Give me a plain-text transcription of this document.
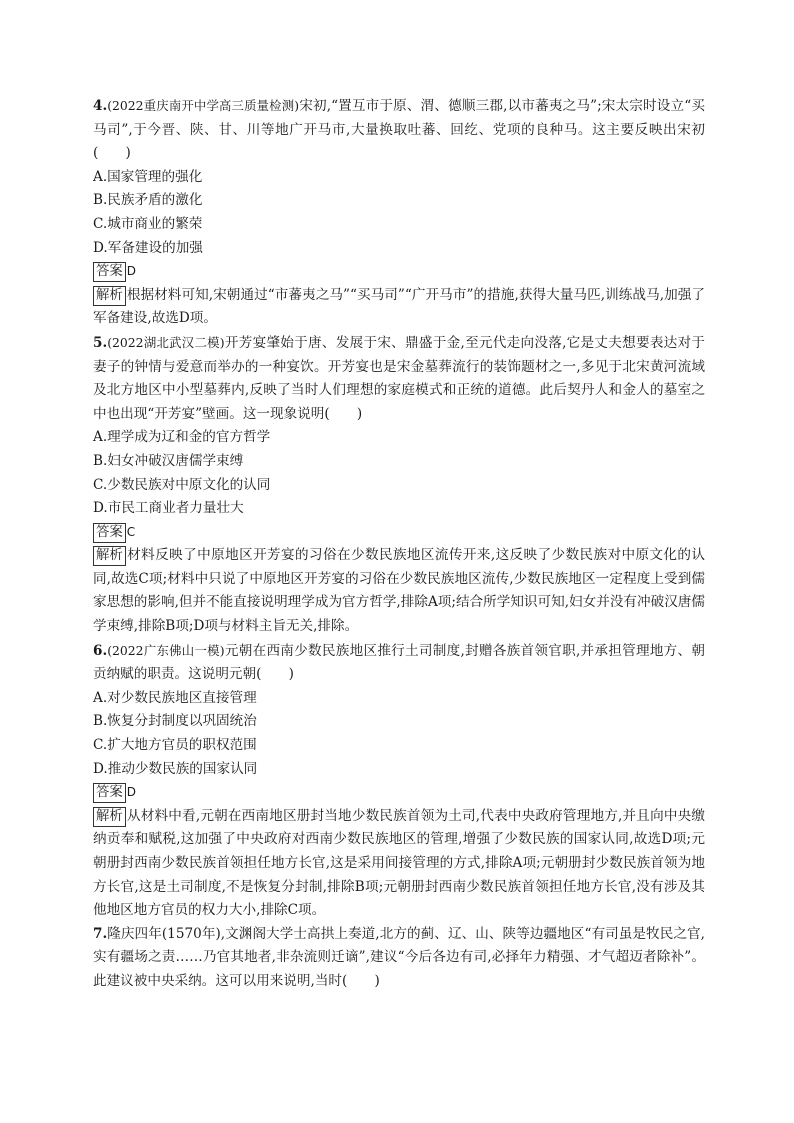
4.(2022重庆南开中学高三质量检测)宋初,“置互市于原、渭、德顺三郡,以市蕃夷之马”;宋太宗时设立“买马司”,于今晋、陕、甘、川等地广开马市,大量换取吐蕃、回纥、党项的良种马。这主要反映出宋初(　　)

A.国家管理的强化

B.民族矛盾的激化

C.城市商业的繁荣

D.军备建设的加强

答案 D

解析 根据材料可知,宋朝通过“市蕃夷之马”“买马司”“广开马市”的措施,获得大量马匹,训练战马,加强了军备建设,故选D项。

5.(2022湖北武汉二模)开芳宴肇始于唐、发展于宋、鼎盛于金,至元代走向没落,它是丈夫想要表达对于妻子的钟情与爱意而举办的一种宴饮。开芳宴也是宋金墓葬流行的装饰题材之一,多见于北宋黄河流域及北方地区中小型墓葬内,反映了当时人们理想的家庭模式和正统的道德。此后契丹人和金人的墓室之中也出现“开芳宴”壁画。这一现象说明(　　)

A.理学成为辽和金的官方哲学

B.妇女冲破汉唐儒学束缚

C.少数民族对中原文化的认同

D.市民工商业者力量壮大

答案 C

解析 材料反映了中原地区开芳宴的习俗在少数民族地区流传开来,这反映了少数民族对中原文化的认同,故选C项;材料中只说了中原地区开芳宴的习俗在少数民族地区流传,少数民族地区一定程度上受到儒家思想的影响,但并不能直接说明理学成为官方哲学,排除A项;结合所学知识可知,妇女并没有冲破汉唐儒学束缚,排除B项;D项与材料主旨无关,排除。

6.(2022广东佛山一模)元朝在西南少数民族地区推行土司制度,封赠各族首领官职,并承担管理地方、朝贡纳赋的职责。这说明元朝(　　)

A.对少数民族地区直接管理

B.恢复分封制度以巩固统治

C.扩大地方官员的职权范围

D.推动少数民族的国家认同

答案 D

解析 从材料中看,元朝在西南地区册封当地少数民族首领为土司,代表中央政府管理地方,并且向中央缴纳贡奉和赋税,这加强了中央政府对西南少数民族地区的管理,增强了少数民族的国家认同,故选D项;元朝册封西南少数民族首领担任地方长官,这是采用间接管理的方式,排除A项;元朝册封少数民族首领为地方长官,这是土司制度,不是恢复分封制,排除B项;元朝册封西南少数民族首领担任地方长官,没有涉及其他地区地方官员的权力大小,排除C项。

7.隆庆四年(1570年),文渊阁大学士高拱上奏道,北方的蓟、辽、山、陕等边疆地区“有司虽是牧民之官,实有疆场之责……乃官其地者,非杂流则迁谪”,建议“今后各边有司,必择年力精强、才气超迈者除补”。此建议被中央采纳。这可以用来说明,当时(　　)
